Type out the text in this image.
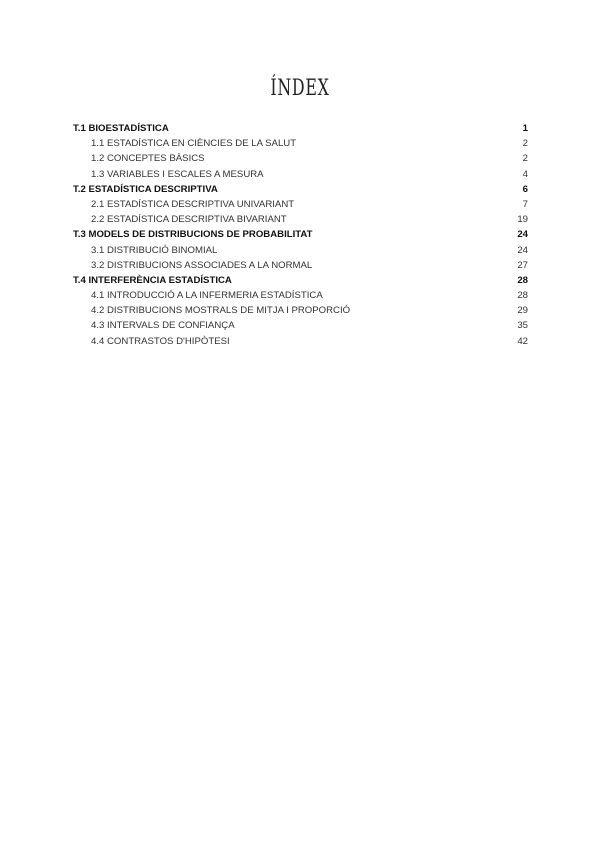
ÍNDEX
T.1 BIOESTADÍSTICA	1
1.1 ESTADÍSTICA EN CIÈNCIES DE LA SALUT	2
1.2 CONCEPTES BÀSICS	2
1.3 VARIABLES I ESCALES A MESURA	4
T.2 ESTADÍSTICA DESCRIPTIVA	6
2.1 ESTADÍSTICA DESCRIPTIVA UNIVARIANT	7
2.2 ESTADÍSTICA DESCRIPTIVA BIVARIANT	19
T.3 MODELS DE DISTRIBUCIONS DE PROBABILITAT	24
3.1 DISTRIBUCIÓ BINOMIAL	24
3.2 DISTRIBUCIONS ASSOCIADES A LA NORMAL	27
T.4 INTERFERÈNCIA ESTADÍSTICA	28
4.1 INTRODUCCIÓ A LA INFERMERIA ESTADÍSTICA	28
4.2 DISTRIBUCIONS MOSTRALS DE MITJA I PROPORCIÓ	29
4.3 INTERVALS DE CONFIANÇA	35
4.4 CONTRASTOS D'HIPÒTESI	42
